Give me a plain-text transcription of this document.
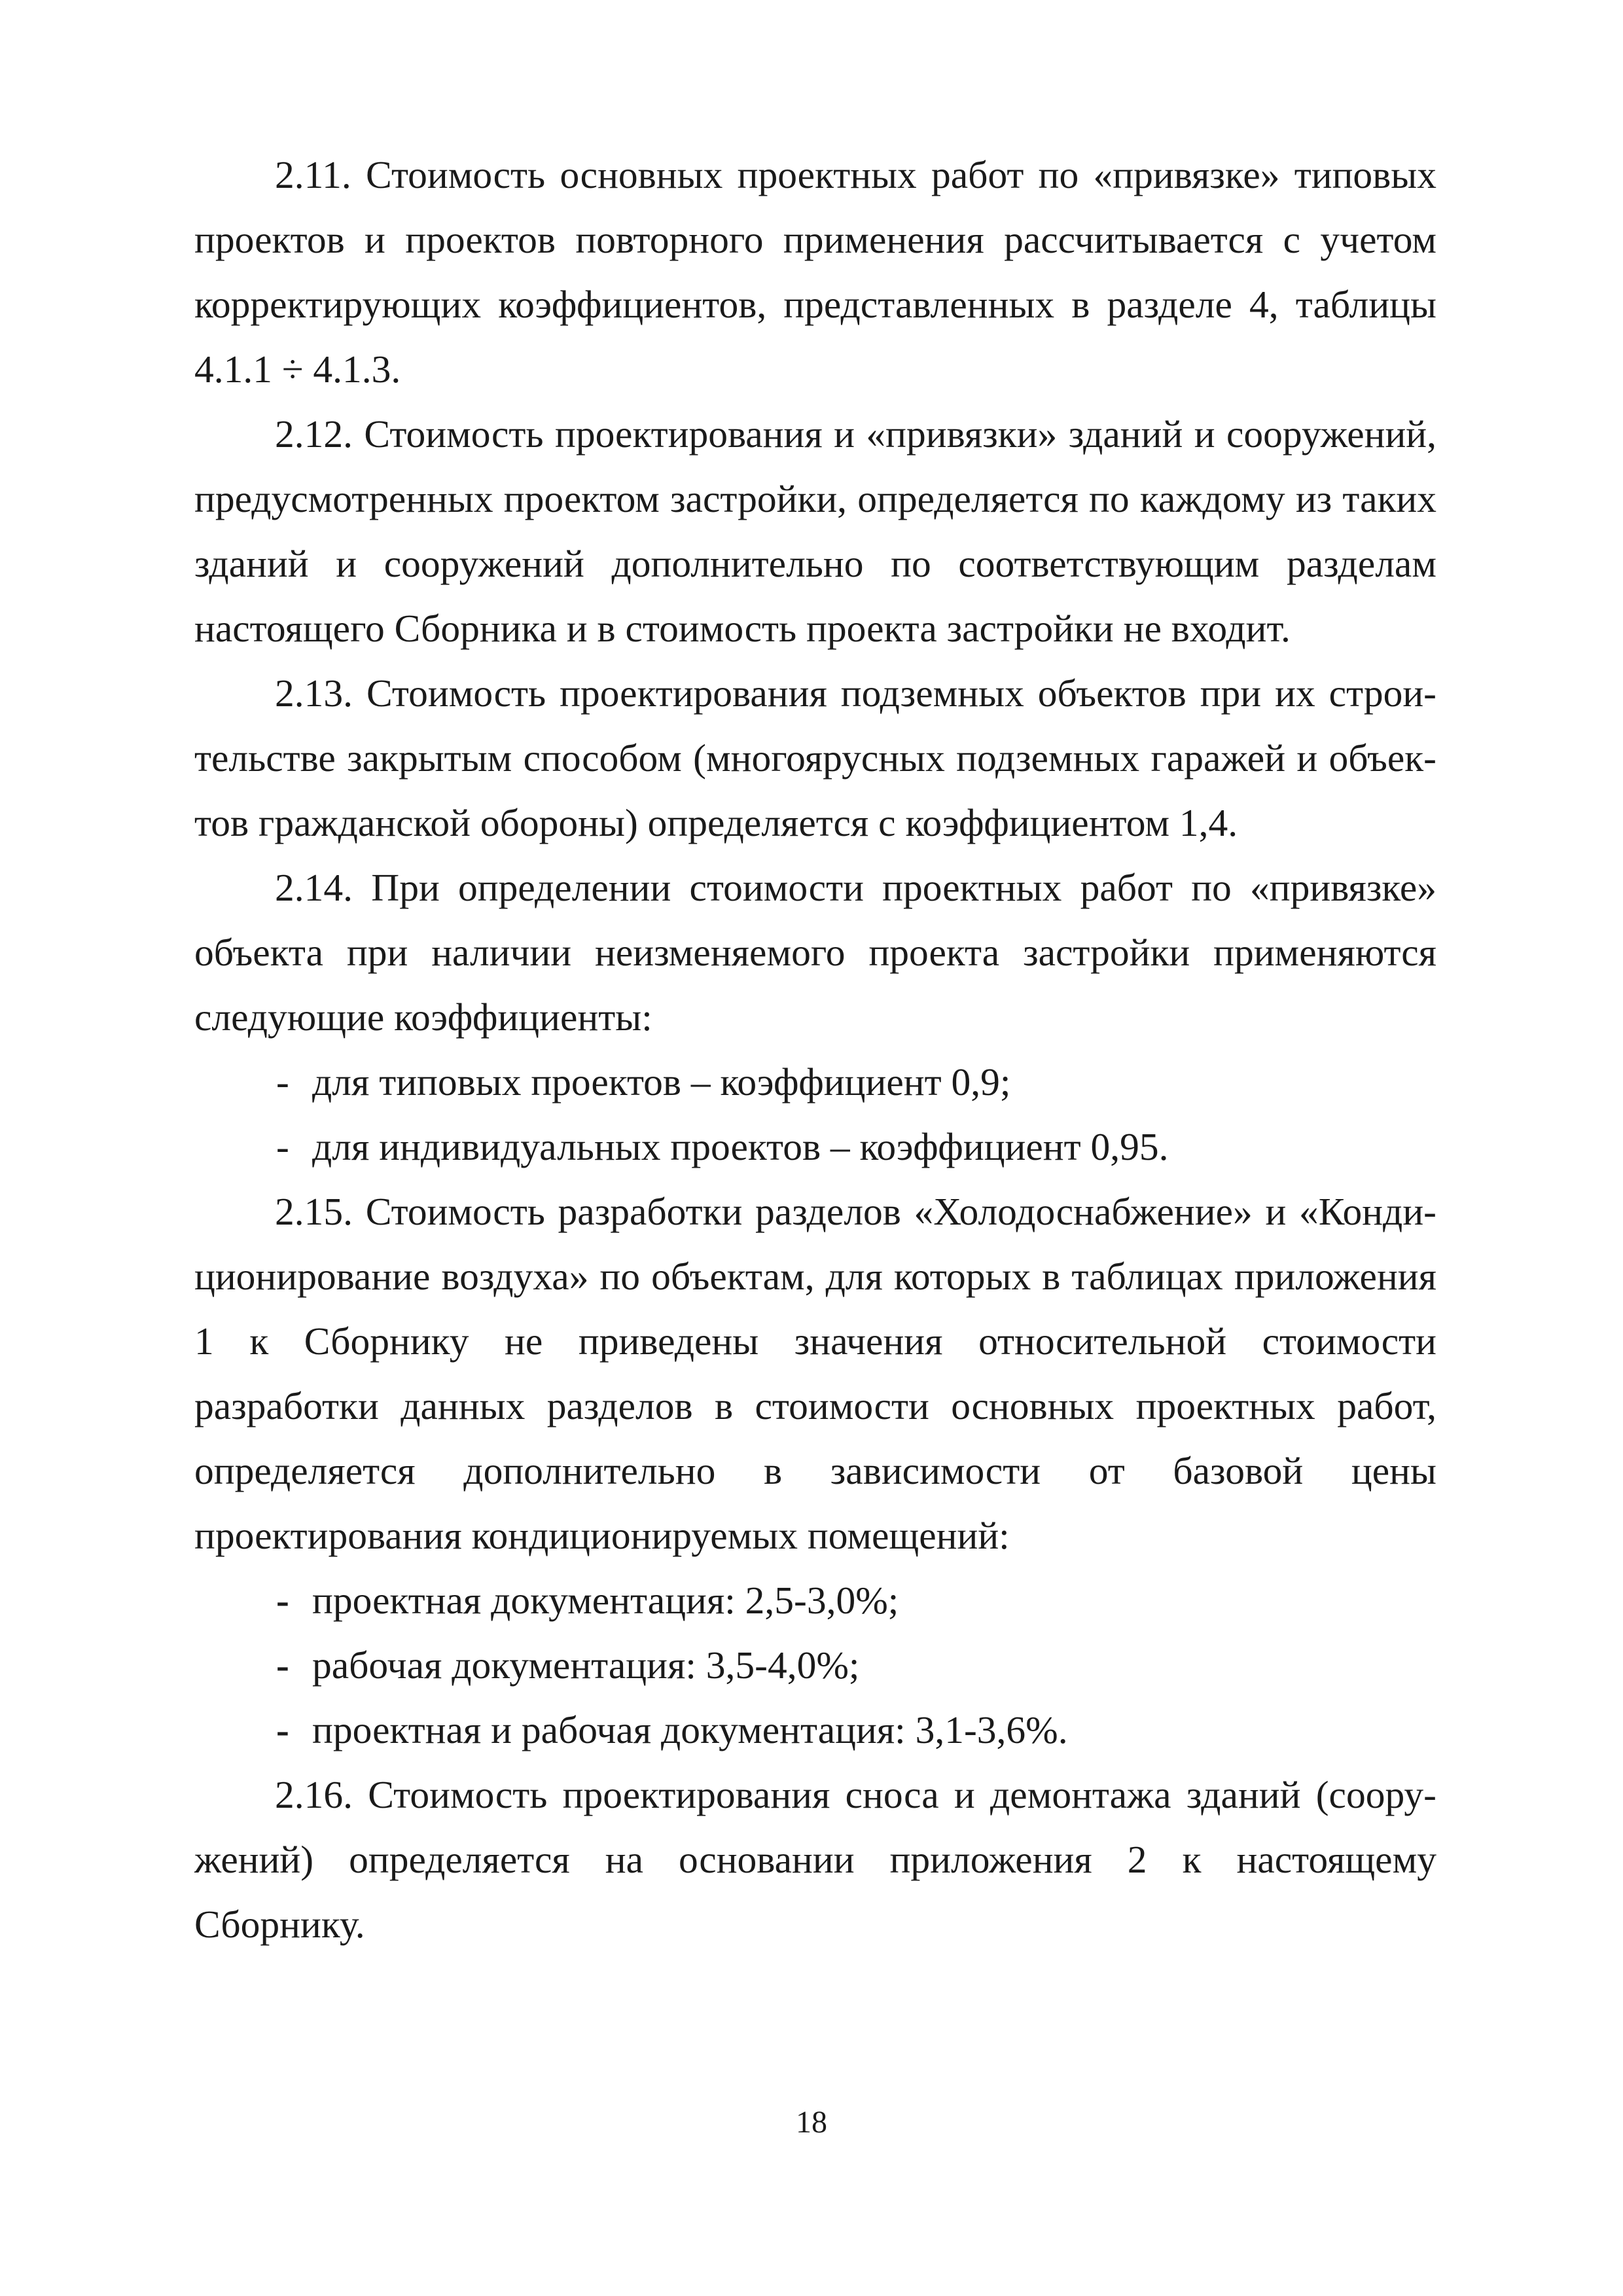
2.11. Стоимость основных проектных работ по «привязке» типовых проектов и проектов повторного применения рассчитывается с учетом корректирующих коэффициентов, представленных в разделе 4, таблицы 4.1.1 ÷ 4.1.3.

2.12. Стоимость проектирования и «привязки» зданий и сооружений, предусмотренных проектом застройки, определяется по каждому из таких зданий и сооружений дополнительно по соответствующим разделам настоящего Сборника и в стоимость проекта застройки не входит.

2.13. Стоимость проектирования подземных объектов при их строительстве закрытым способом (многоярусных подземных гаражей и объектов гражданской обороны) определяется с коэффициентом 1,4.

2.14. При определении стоимости проектных работ по «привязке» объекта при наличии неизменяемого проекта застройки применяются следующие коэффициенты:

- для типовых проектов – коэффициент 0,9;
- для индивидуальных проектов – коэффициент 0,95.

2.15. Стоимость разработки разделов «Холодоснабжение» и «Кондиционирование воздуха» по объектам, для которых в таблицах приложения 1 к Сборнику не приведены значения относительной стоимости разработки данных разделов в стоимости основных проектных работ, определяется дополнительно в зависимости от базовой цены проектирования кондиционируемых помещений:

- проектная документация: 2,5-3,0%;
- рабочая документация: 3,5-4,0%;
- проектная и рабочая документация: 3,1-3,6%.

2.16. Стоимость проектирования сноса и демонтажа зданий (сооружений) определяется на основании приложения 2 к настоящему Сборнику.

18
